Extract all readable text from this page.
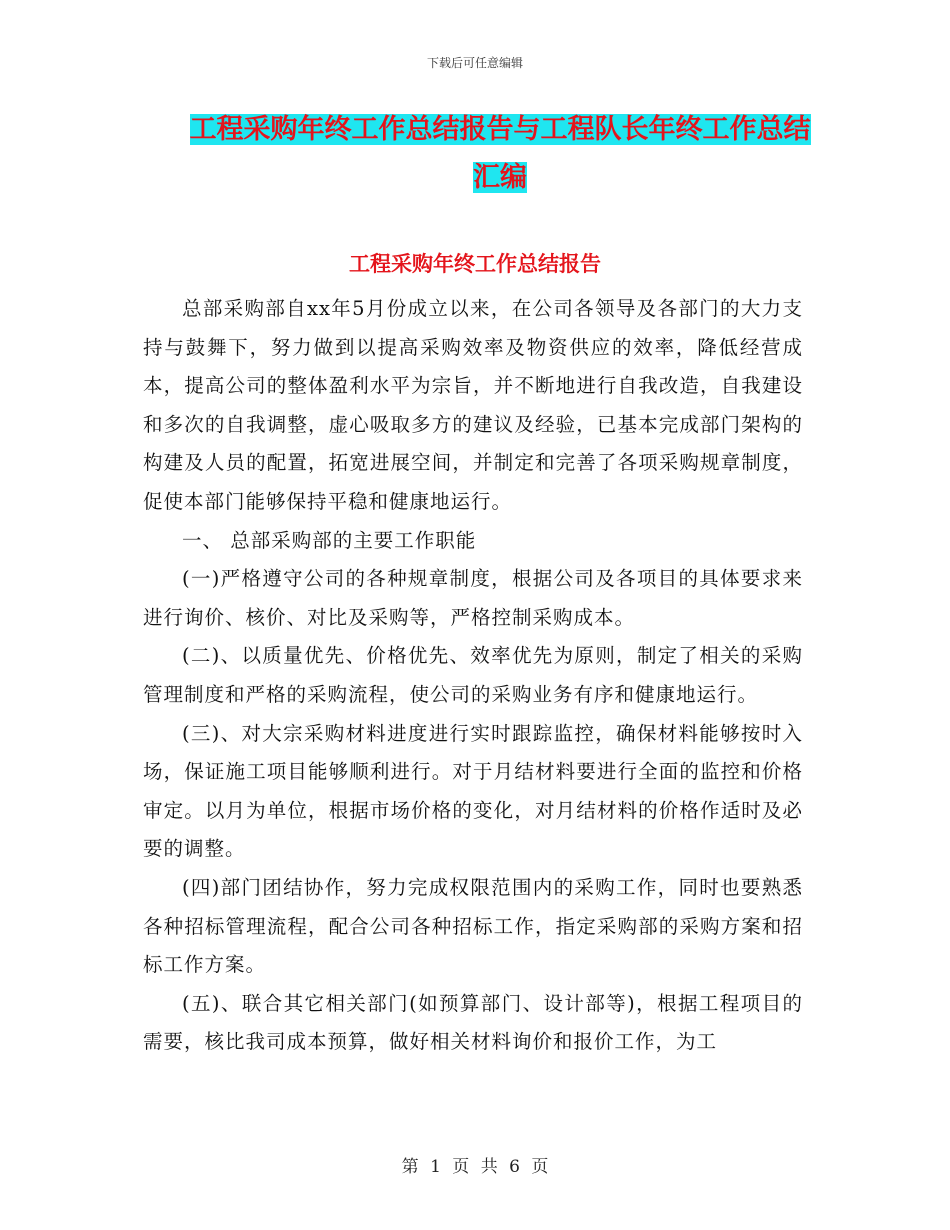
下载后可任意编辑
工程采购年终工作总结报告与工程队长年终工作总结
汇编
工程采购年终工作总结报告

总部采购部自xx年5月份成立以来，在公司各领导及各部门的大力支持与鼓舞下，努力做到以提高采购效率及物资供应的效率，降低经营成本，提高公司的整体盈利水平为宗旨，并不断地进行自我改造，自我建设和多次的自我调整，虚心吸取多方的建议及经验，已基本完成部门架构的构建及人员的配置，拓宽进展空间，并制定和完善了各项采购规章制度，促使本部门能够保持平稳和健康地运行。

一、 总部采购部的主要工作职能

(一)严格遵守公司的各种规章制度，根据公司及各项目的具体要求来进行询价、核价、对比及采购等，严格控制采购成本。

(二)、以质量优先、价格优先、效率优先为原则，制定了相关的采购管理制度和严格的采购流程，使公司的采购业务有序和健康地运行。

(三)、对大宗采购材料进度进行实时跟踪监控，确保材料能够按时入场，保证施工项目能够顺利进行。对于月结材料要进行全面的监控和价格审定。以月为单位，根据市场价格的变化，对月结材料的价格作适时及必要的调整。

(四)部门团结协作，努力完成权限范围内的采购工作，同时也要熟悉各种招标管理流程，配合公司各种招标工作，指定采购部的采购方案和招标工作方案。

(五)、联合其它相关部门(如预算部门、设计部等)，根据工程项目的需要，核比我司成本预算，做好相关材料询价和报价工作，为工

第 1 页 共 6 页
